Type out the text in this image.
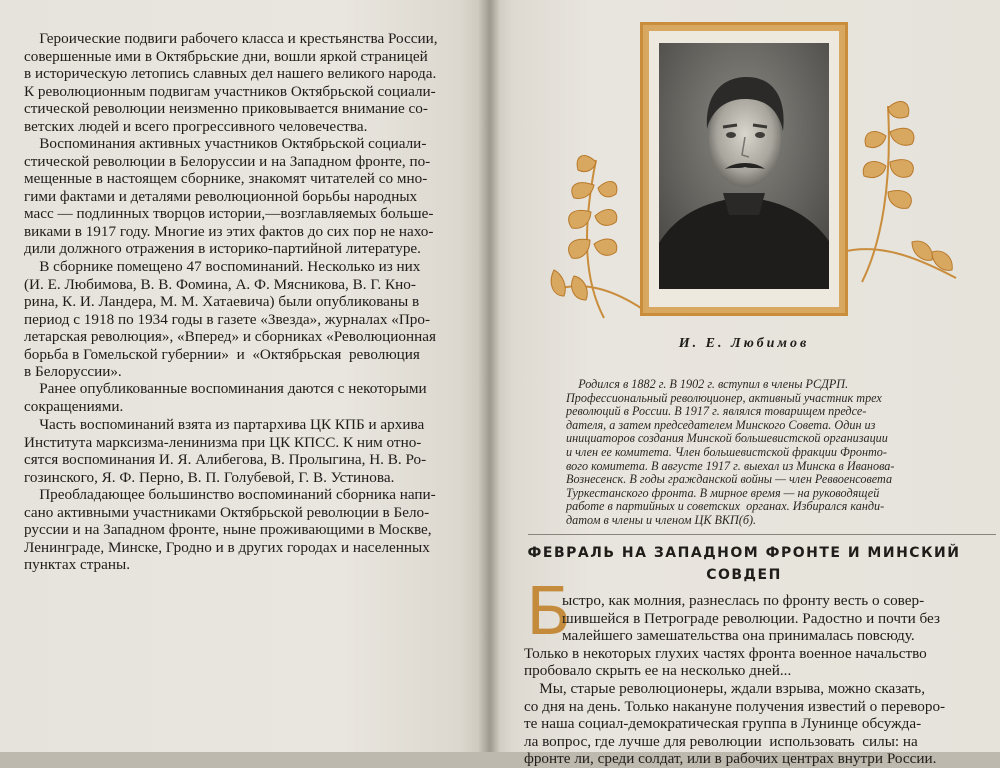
Героические подвиги рабочего класса и крестьянства России,
совершенные ими в Октябрьские дни, вошли яркой страницей
в историческую летопись славных дел нашего великого народа.
К революционным подвигам участников Октябрьской социали-
стической революции неизменно приковывается внимание со-
ветских людей и всего прогрессивного человечества.
Воспоминания активных участников Октябрьской социали-
стической революции в Белоруссии и на Западном фронте, по-
мещенные в настоящем сборнике, знакомят читателей со мно-
гими фактами и деталями революционной борьбы народных
масс — подлинных творцов истории,—возглавляемых больше-
виками в 1917 году. Многие из этих фактов до сих пор не нахо-
дили должного отражения в историко-партийной литературе.
В сборнике помещено 47 воспоминаний. Несколько из них
(И. Е. Любимова, В. В. Фомина, А. Ф. Мясникова, В. Г. Кно-
рина, К. И. Ландера, М. М. Хатаевича) были опубликованы в
период с 1918 по 1934 годы в газете «Звезда», журналах «Про-
летарская революция», «Вперед» и сборниках «Революционная
борьба в Гомельской губернии»  и  «Октябрьская  революция
в Белоруссии».
Ранее опубликованные воспоминания даются с некоторыми
сокращениями.
Часть воспоминаний взята из партархива ЦК КПБ и архива
Института марксизма-ленинизма при ЦК КПСС. К ним отно-
сятся воспоминания И. Я. Алибегова, В. Пролыгина, Н. В. Ро-
гозинского, Я. Ф. Перно, В. П. Голубевой, Г. В. Устинова.
Преобладающее большинство воспоминаний сборника напи-
сано активными участниками Октябрьской революции в Бело-
руссии и на Западном фронте, ныне проживающими в Москве,
Ленинграде, Минске, Гродно и в других городах и населенных
пунктах страны.

И. Е. Любимов

Родился в 1882 г. В 1902 г. вступил в члены РСДРП.
Профессиональный революционер, активный участник трех
революций в России. В 1917 г. являлся товарищем предсе-
дателя, а затем председателем Минского Совета. Один из
инициаторов создания Минской большевистской организации
и член ее комитета. Член большевистской фракции Фронто-
вого комитета. В августе 1917 г. выехал из Минска в Иванова-
Вознесенск. В годы гражданской войны — член Реввоенсовета
Туркестанского фронта. В мирное время — на руководящей
работе в партийных и советских  органах. Избирался канди-
датом в члены и членом ЦК ВКП(б).
ФЕВРАЛЬ НА ЗАПАДНОМ ФРОНТЕ И МИНСКИЙ
СОВДЕП
Б
ыстро, как молния, разнеслась по фронту весть о совер-
шившейся в Петрограде революции. Радостно и почти без
малейшего замешательства она принималась повсюду.
Только в некоторых глухих частях фронта военное начальство
пробовало скрыть ее на несколько дней...
Мы, старые революционеры, ждали взрыва, можно сказать,
со дня на день. Только накануне получения известий о переворо-
те наша социал-демократическая группа в Лунинце обсужда-
ла вопрос, где лучше для революции  использовать  силы: на
фронте ли, среди солдат, или в рабочих центрах внутри России.
